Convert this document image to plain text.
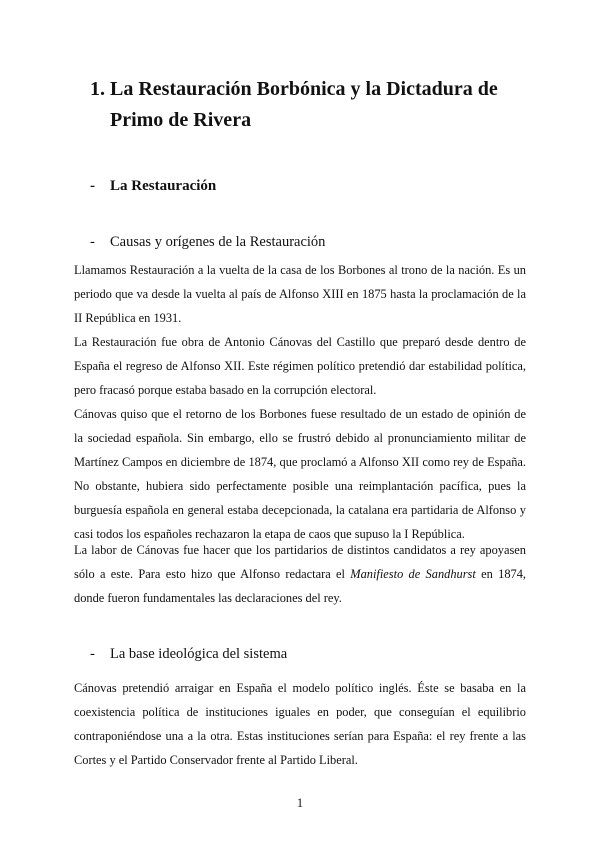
1. La Restauración Borbónica y la Dictadura de
Primo de Rivera
- La Restauración
- Causas y orígenes de la Restauración

Llamamos Restauración a la vuelta de la casa de los Borbones al trono de la nación. Es un periodo que va desde la vuelta al país de Alfonso XIII en 1875 hasta la proclamación de la II República en 1931.

La Restauración fue obra de Antonio Cánovas del Castillo que preparó desde dentro de España el regreso de Alfonso XII. Este régimen político pretendió dar estabilidad política, pero fracasó porque estaba basado en la corrupción electoral.

Cánovas quiso que el retorno de los Borbones fuese resultado de un estado de opinión de la sociedad española. Sin embargo, ello se frustró debido al pronunciamiento militar de Martínez Campos en diciembre de 1874, que proclamó a Alfonso XII como rey de España. No obstante, hubiera sido perfectamente posible una reimplantación pacífica, pues la burguesía española en general estaba decepcionada, la catalana era partidaria de Alfonso y casi todos los españoles rechazaron la etapa de caos que supuso la I República.

La labor de Cánovas fue hacer que los partidarios de distintos candidatos a rey apoyasen sólo a este. Para esto hizo que Alfonso redactara el Manifiesto de Sandhurst en 1874, donde fueron fundamentales las declaraciones del rey.

- La base ideológica del sistema

Cánovas pretendió arraigar en España el modelo político inglés. Éste se basaba en la coexistencia política de instituciones iguales en poder, que conseguían el equilibrio contraponiéndose una a la otra. Estas instituciones serían para España: el rey frente a las Cortes y el Partido Conservador frente al Partido Liberal.

1
